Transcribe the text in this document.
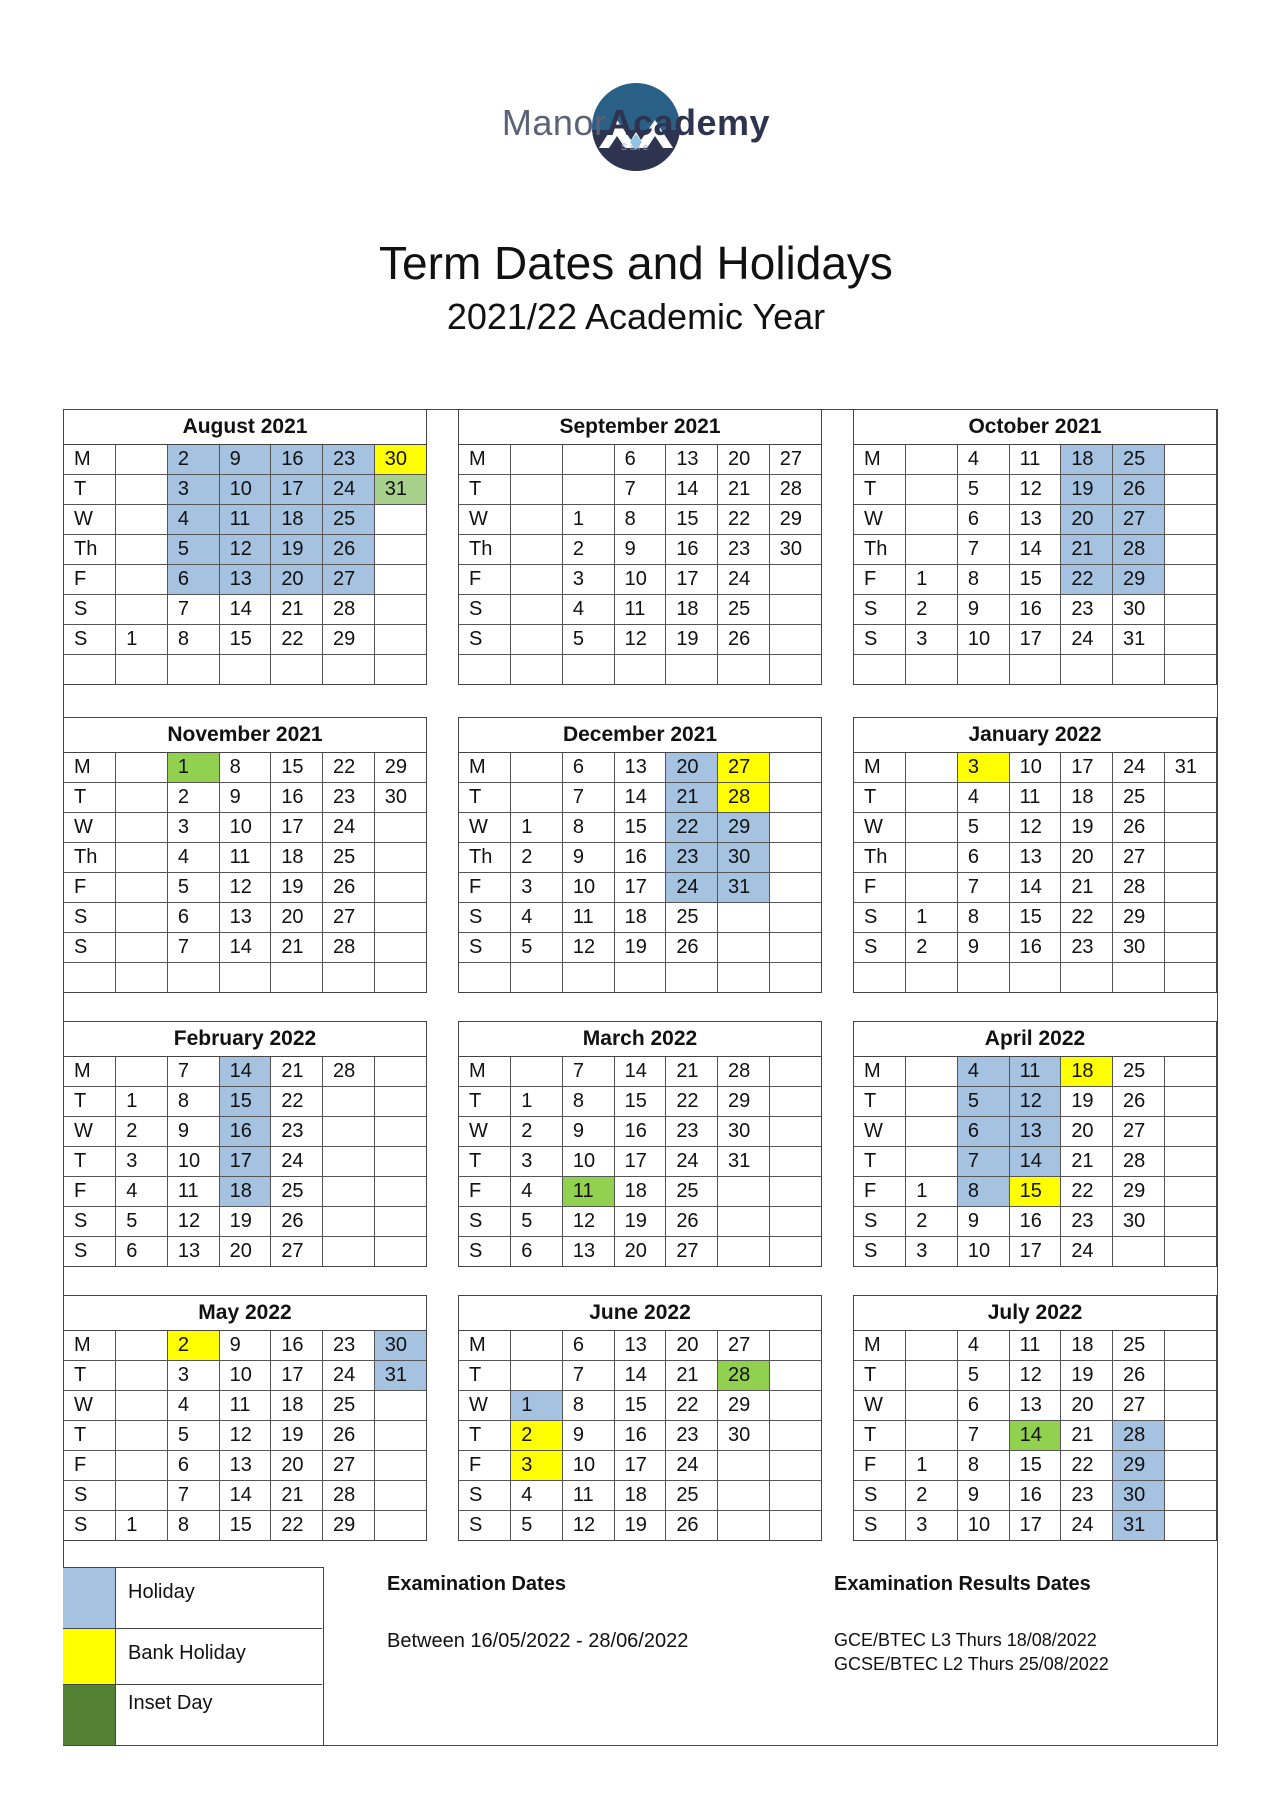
ManorAcademy
Sale
Term Dates and Holidays
2021/22 Academic Year
August 2021
M		2	9	16	23	30
T		3	10	17	24	31
W		4	11	18	25	
Th		5	12	19	26	
F		6	13	20	27	
S		7	14	21	28	
S	1	8	15	22	29	

September 2021
M			6	13	20	27
T			7	14	21	28
W		1	8	15	22	29
Th		2	9	16	23	30
F		3	10	17	24	
S		4	11	18	25	
S		5	12	19	26	

October 2021
M		4	11	18	25	
T		5	12	19	26	
W		6	13	20	27	
Th		7	14	21	28	
F	1	8	15	22	29	
S	2	9	16	23	30	
S	3	10	17	24	31	

November 2021
M		1	8	15	22	29
T		2	9	16	23	30
W		3	10	17	24	
Th		4	11	18	25	
F		5	12	19	26	
S		6	13	20	27	
S		7	14	21	28	

December 2021
M		6	13	20	27	
T		7	14	21	28	
W	1	8	15	22	29	
Th	2	9	16	23	30	
F	3	10	17	24	31	
S	4	11	18	25		
S	5	12	19	26		

January 2022
M		3	10	17	24	31
T		4	11	18	25	
W		5	12	19	26	
Th		6	13	20	27	
F		7	14	21	28	
S	1	8	15	22	29	
S	2	9	16	23	30	

February 2022
M		7	14	21	28	
T	1	8	15	22		
W	2	9	16	23		
T	3	10	17	24		
F	4	11	18	25		
S	5	12	19	26		
S	6	13	20	27		
March 2022
M		7	14	21	28	
T	1	8	15	22	29	
W	2	9	16	23	30	
T	3	10	17	24	31	
F	4	11	18	25		
S	5	12	19	26		
S	6	13	20	27		
April 2022
M		4	11	18	25	
T		5	12	19	26	
W		6	13	20	27	
T		7	14	21	28	
F	1	8	15	22	29	
S	2	9	16	23	30	
S	3	10	17	24		
May 2022
M		2	9	16	23	30
T		3	10	17	24	31
W		4	11	18	25	
T		5	12	19	26	
F		6	13	20	27	
S		7	14	21	28	
S	1	8	15	22	29	
June 2022
M		6	13	20	27	
T		7	14	21	28	
W	1	8	15	22	29	
T	2	9	16	23	30	
F	3	10	17	24		
S	4	11	18	25		
S	5	12	19	26		
July 2022
M		4	11	18	25	
T		5	12	19	26	
W		6	13	20	27	
T		7	14	21	28	
F	1	8	15	22	29	
S	2	9	16	23	30	
S	3	10	17	24	31	
Holiday
Bank Holiday
Inset Day
Examination Dates
Between 16/05/2022 - 28/06/2022
Examination Results Dates
GCE/BTEC L3 Thurs 18/08/2022
GCSE/BTEC L2 Thurs 25/08/2022
